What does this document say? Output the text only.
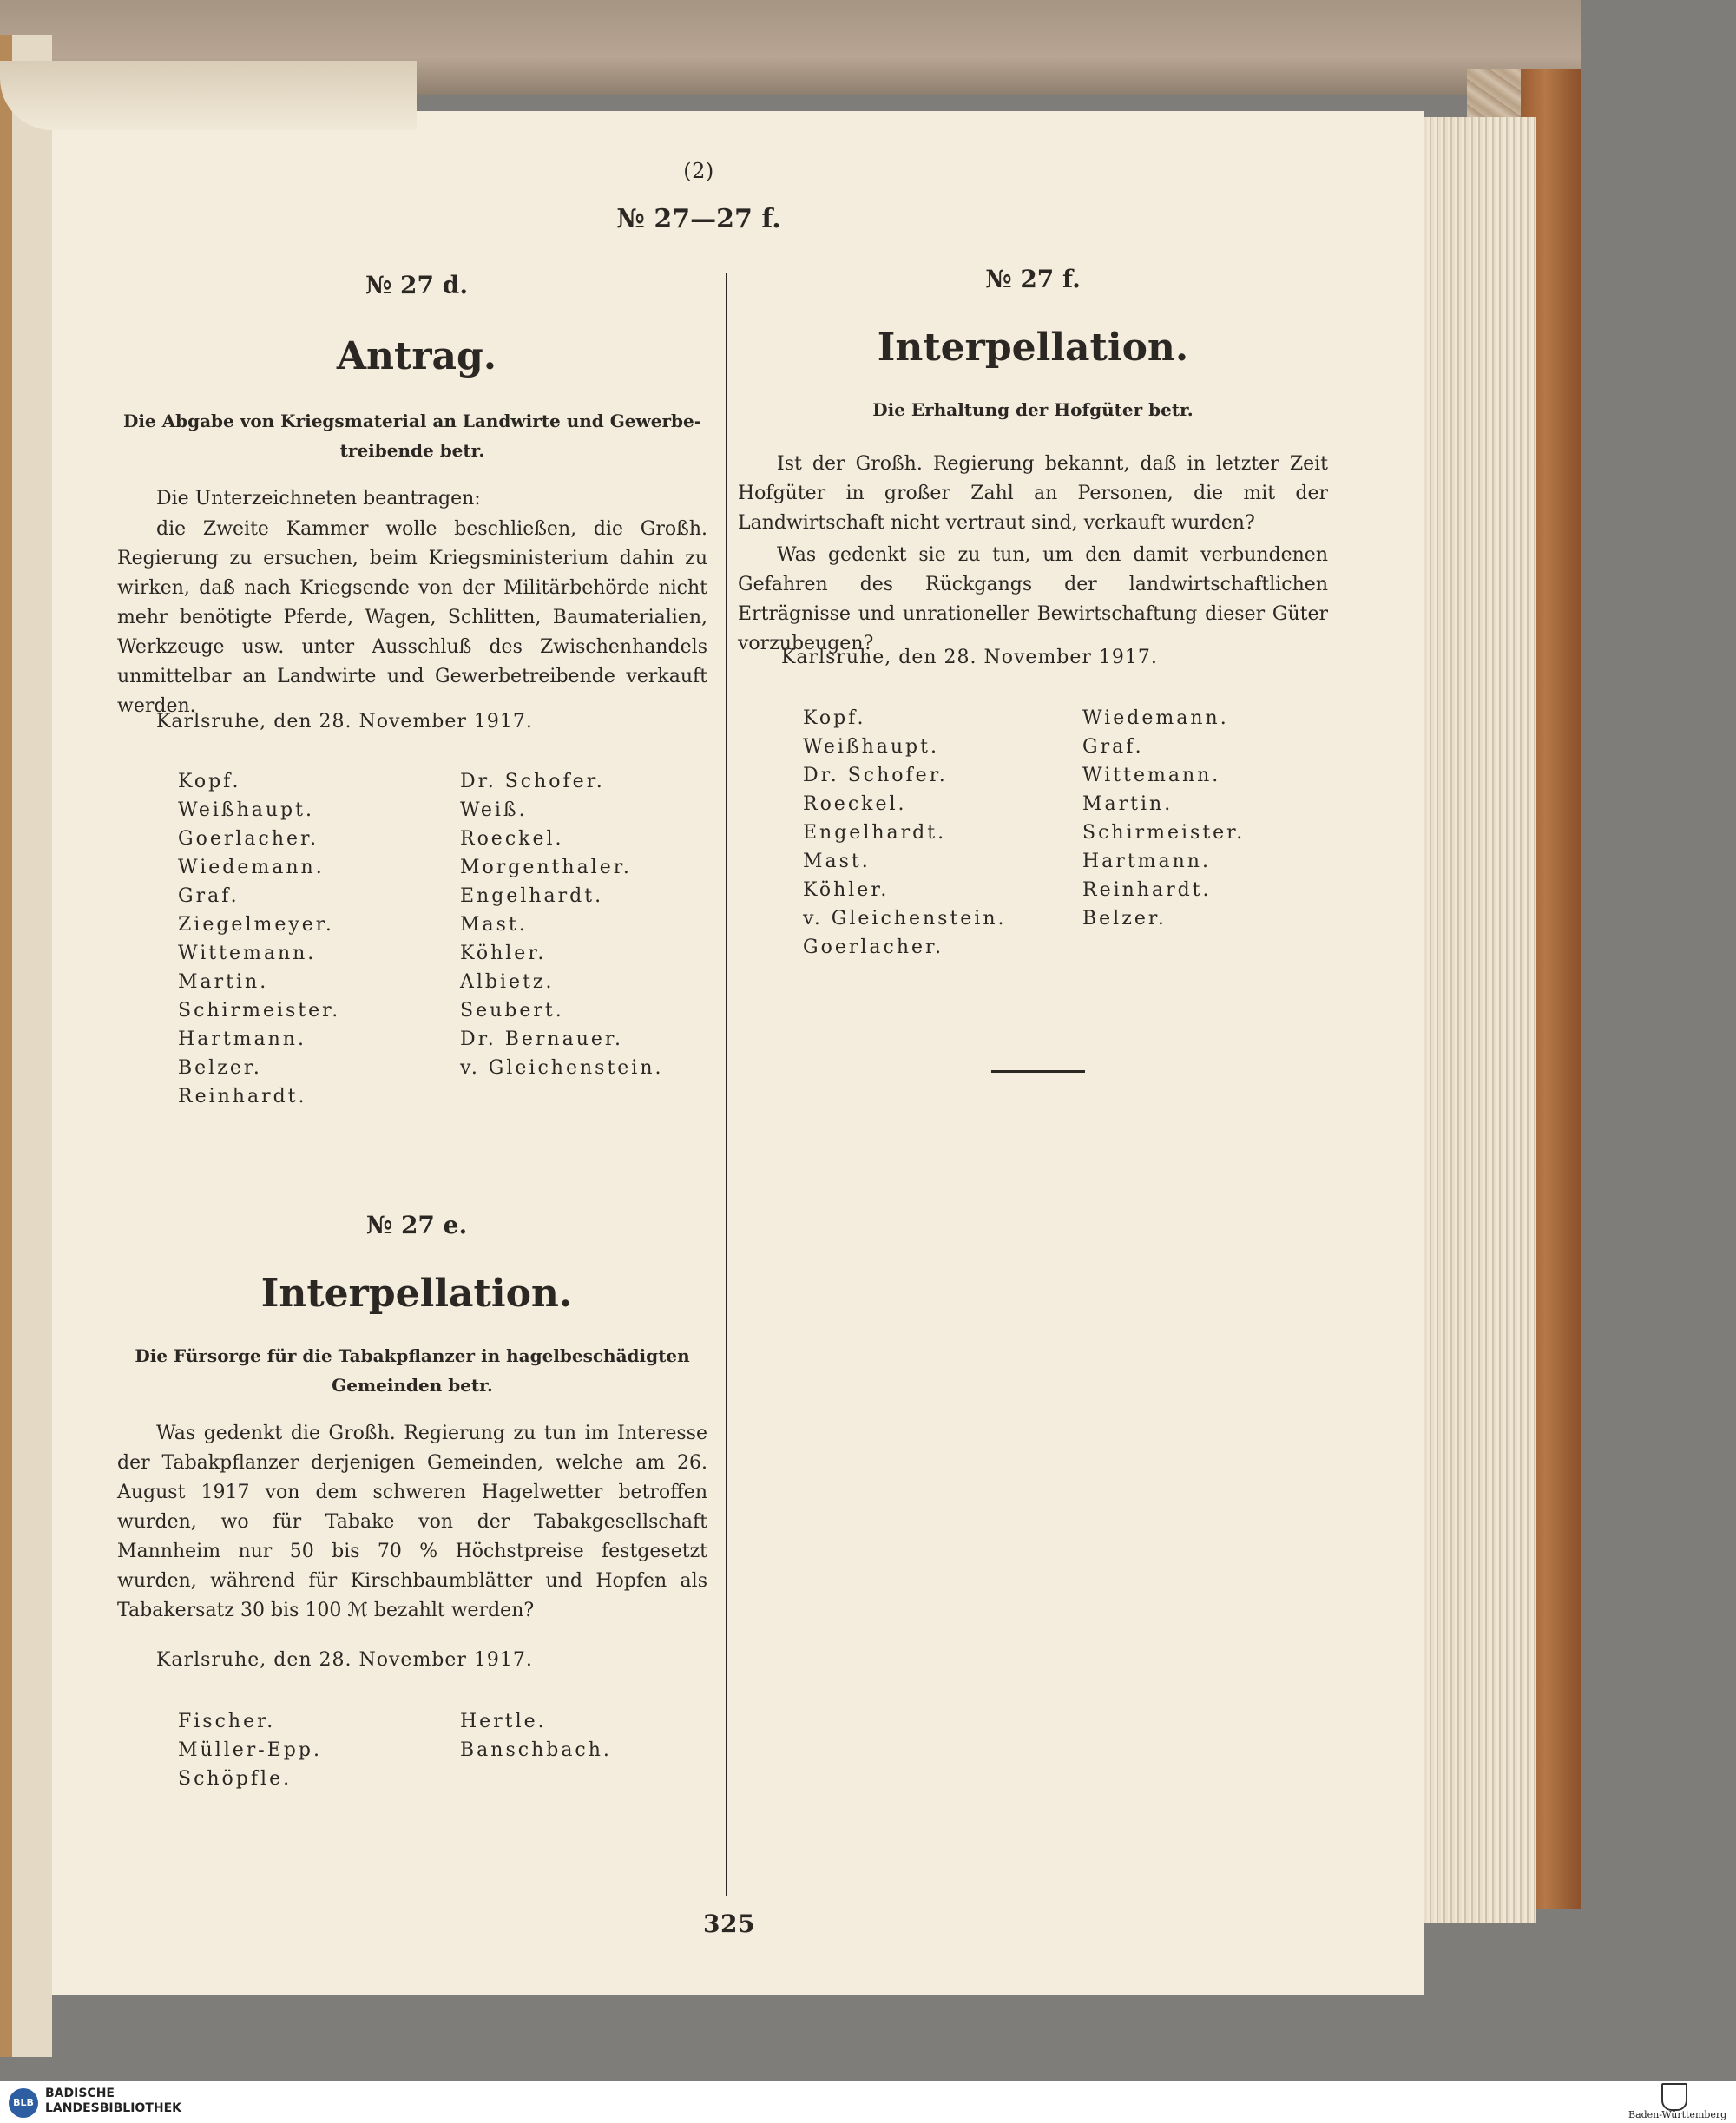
(2)
№ 27—27 f.
№ 27 d.
Antrag.
Die Abgabe von Kriegsmaterial an Landwirte und Gewerbe-treibende betr.
Die Unterzeichneten beantragen:
die Zweite Kammer wolle beschließen, die Großh. Regierung zu ersuchen, beim Kriegsministerium dahin zu wirken, daß nach Kriegsende von der Militärbehörde nicht mehr benötigte Pferde, Wagen, Schlitten, Baumaterialien, Werkzeuge usw. unter Ausschluß des Zwischenhandels unmittelbar an Landwirte und Gewerbetreibende verkauft werden.
Karlsruhe, den 28. November 1917.
Kopf.
Weißhaupt.
Goerlacher.
Wiedemann.
Graf.
Ziegelmeyer.
Wittemann.
Martin.
Schirmeister.
Hartmann.
Belzer.
Reinhardt.
Dr. Schofer.
Weiß.
Roeckel.
Morgenthaler.
Engelhardt.
Mast.
Köhler.
Albietz.
Seubert.
Dr. Bernauer.
v. Gleichenstein.
№ 27 e.
Interpellation.
Die Fürsorge für die Tabakpflanzer in hagelbeschädigten Gemeinden betr.
Was gedenkt die Großh. Regierung zu tun im Interesse der Tabakpflanzer derjenigen Gemeinden, welche am 26. August 1917 von dem schweren Hagelwetter betroffen wurden, wo für Tabake von der Tabakgesellschaft Mannheim nur 50 bis 70 % Höchstpreise festgesetzt wurden, während für Kirschbaumblätter und Hopfen als Tabakersatz 30 bis 100 ℳ bezahlt werden?
Karlsruhe, den 28. November 1917.
Fischer.
Müller-Epp.
Schöpfle.
Hertle.
Banschbach.
№ 27 f.
Interpellation.
Die Erhaltung der Hofgüter betr.
Ist der Großh. Regierung bekannt, daß in letzter Zeit Hofgüter in großer Zahl an Personen, die mit der Landwirtschaft nicht vertraut sind, verkauft wurden?
Was gedenkt sie zu tun, um den damit verbundenen Gefahren des Rückgangs der landwirtschaftlichen Erträgnisse und unrationeller Bewirtschaftung dieser Güter vorzubeugen?
Karlsruhe, den 28. November 1917.
Kopf.
Weißhaupt.
Dr. Schofer.
Roeckel.
Engelhardt.
Mast.
Köhler.
v. Gleichenstein.
Goerlacher.
Wiedemann.
Graf.
Wittemann.
Martin.
Schirmeister.
Hartmann.
Reinhardt.
Belzer.
325
BLB
BADISCHE
LANDESBIBLIOTHEK	Baden-Württemberg
